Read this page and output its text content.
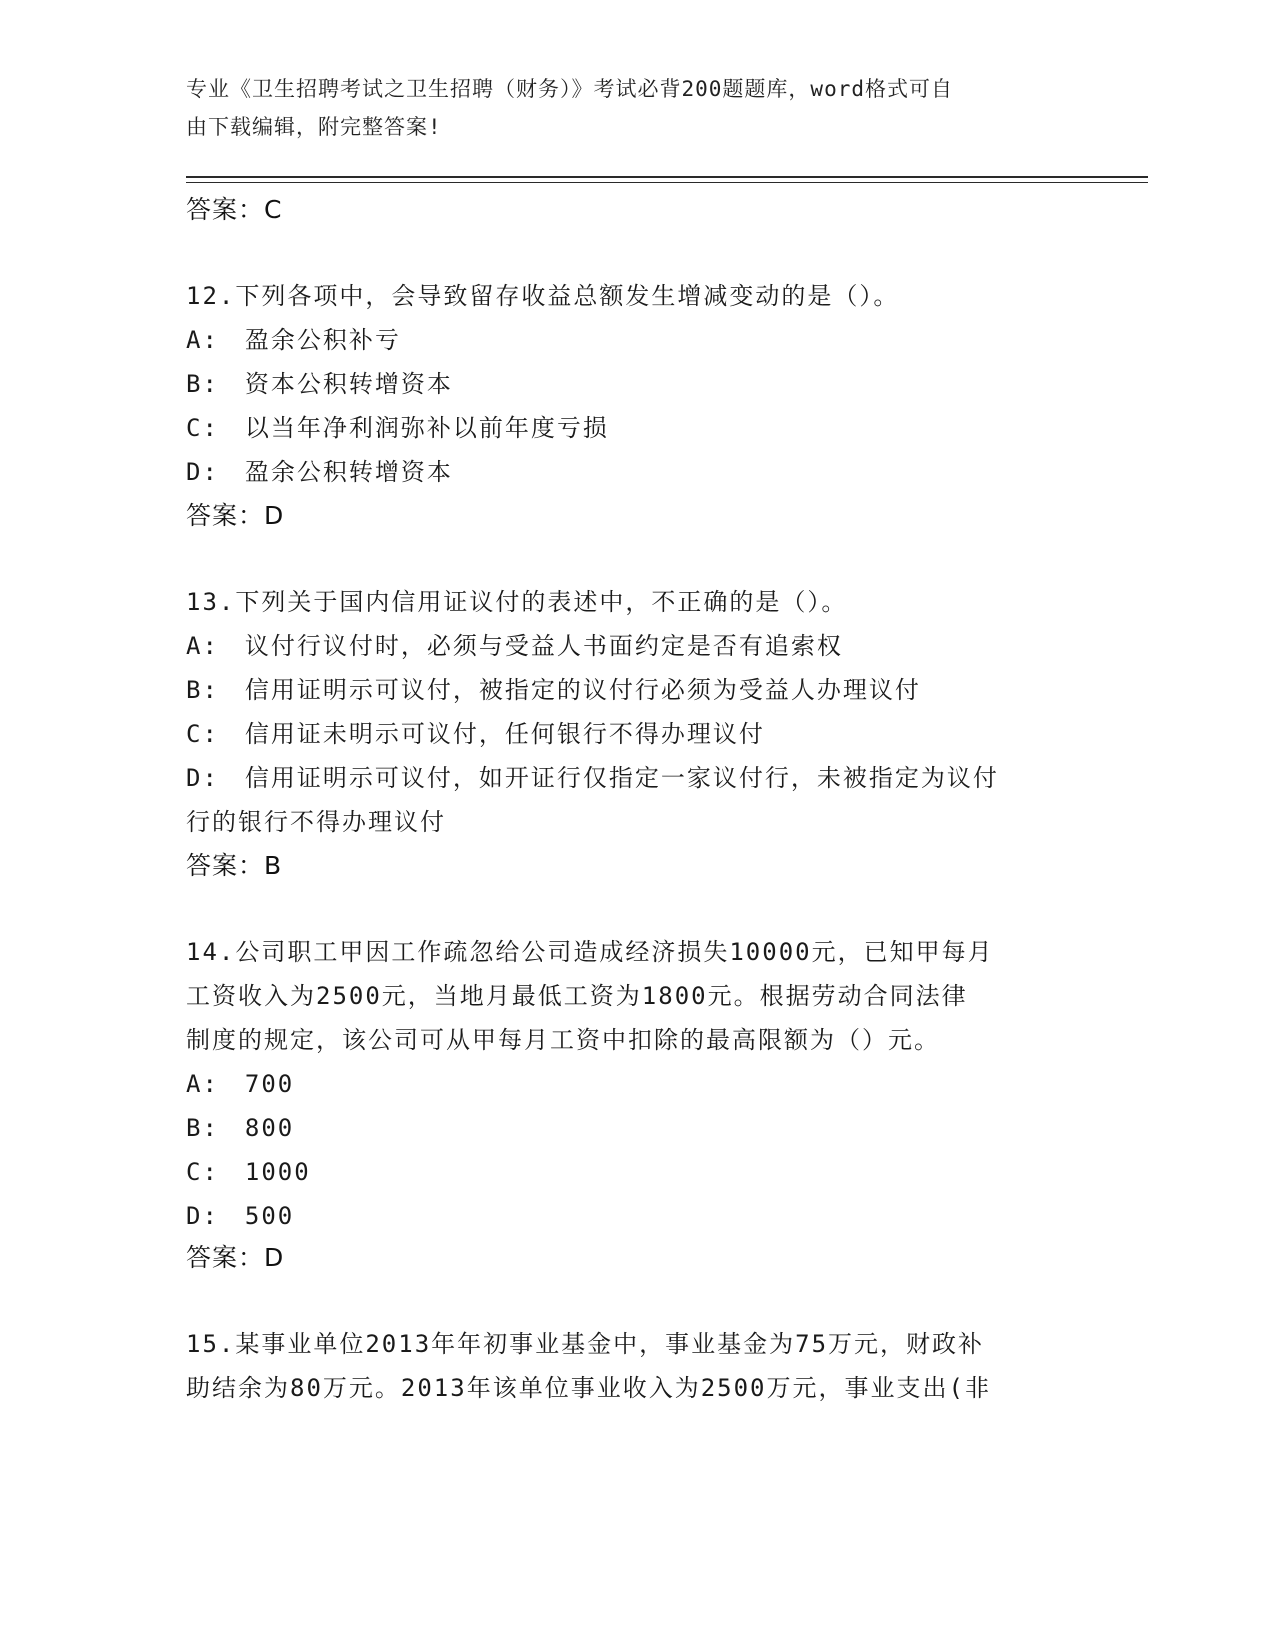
专业《卫生招聘考试之卫生招聘（财务）》考试必背200题题库，word格式可自
由下载编辑，附完整答案!
答案：C
12.下列各项中，会导致留存收益总额发生增减变动的是（）。
A:　盈余公积补亏
B:　资本公积转增资本
C:　以当年净利润弥补以前年度亏损
D:　盈余公积转增资本
答案：D
13.下列关于国内信用证议付的表述中，不正确的是（）。
A:　议付行议付时，必须与受益人书面约定是否有追索权
B:　信用证明示可议付，被指定的议付行必须为受益人办理议付
C:　信用证未明示可议付，任何银行不得办理议付
D:　信用证明示可议付，如开证行仅指定一家议付行，未被指定为议付
行的银行不得办理议付
答案：B
14.公司职工甲因工作疏忽给公司造成经济损失10000元，已知甲每月
工资收入为2500元，当地月最低工资为1800元。根据劳动合同法律
制度的规定，该公司可从甲每月工资中扣除的最高限额为（）元。
A:　700
B:　800
C:　1000
D:　500
答案：D
15.某事业单位2013年年初事业基金中，事业基金为75万元，财政补
助结余为80万元。2013年该单位事业收入为2500万元，事业支出(非
